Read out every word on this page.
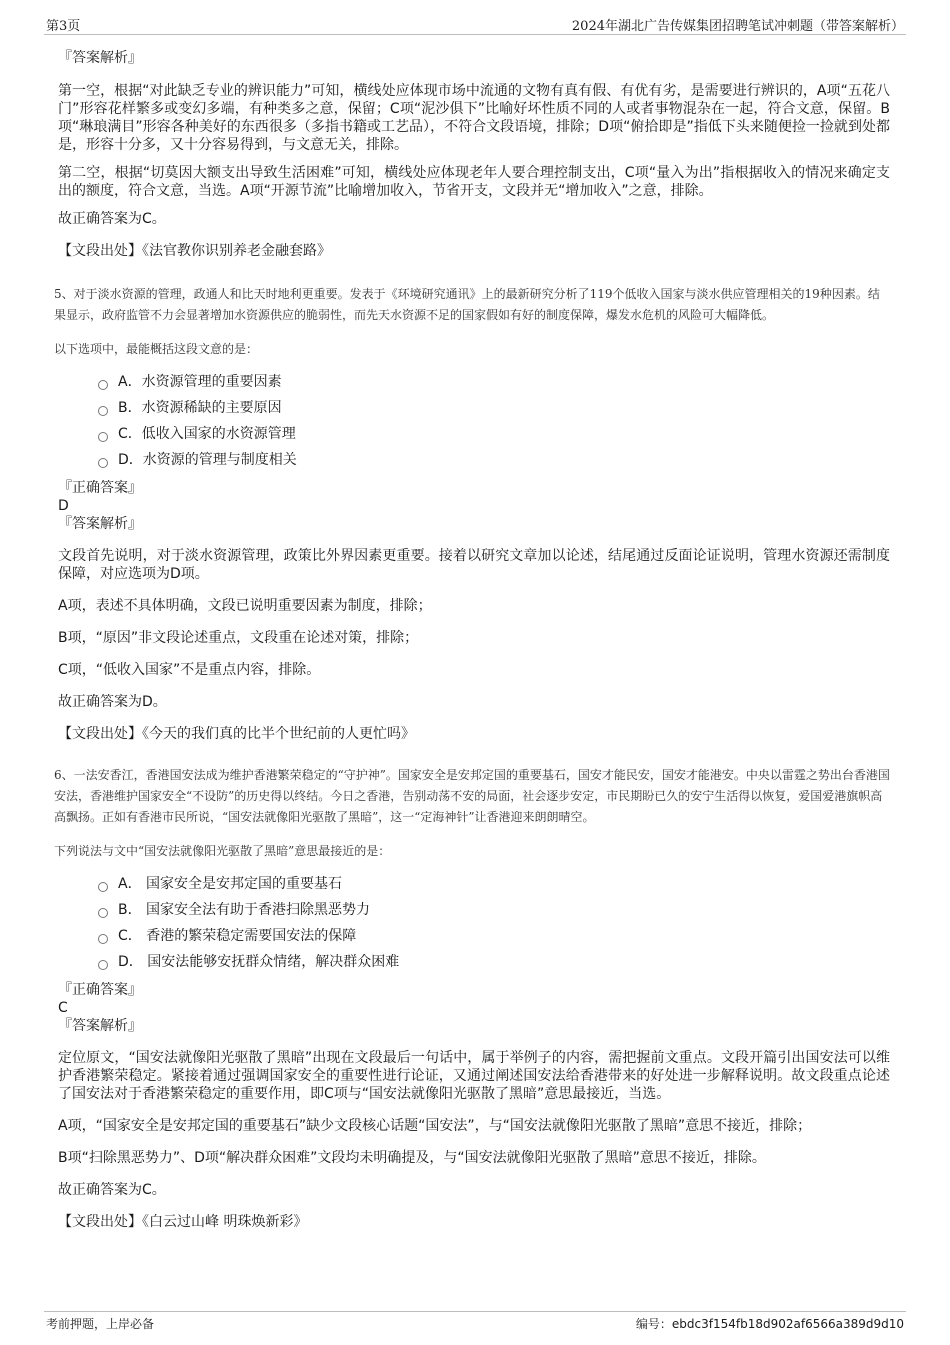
第3页	2024年湖北广告传媒集团招聘笔试冲刺题（带答案解析）
『答案解析』

第一空，根据“对此缺乏专业的辨识能力”可知，横线处应体现市场中流通的文物有真有假、有优有劣，是需要进行辨识的，A项“五花八门”形容花样繁多或变幻多端，有种类多之意，保留；C项“泥沙俱下”比喻好坏性质不同的人或者事物混杂在一起，符合文意，保留。B项“琳琅满目”形容各种美好的东西很多（多指书籍或工艺品），不符合文段语境，排除；D项“俯拾即是”指低下头来随便捡一捡就到处都是，形容十分多，又十分容易得到，与文意无关，排除。

第二空，根据“切莫因大额支出导致生活困难”可知，横线处应体现老年人要合理控制支出，C项“量入为出”指根据收入的情况来确定支出的额度，符合文意，当选。A项“开源节流”比喻增加收入，节省开支，文段并无“增加收入”之意，排除。

故正确答案为C。

【文段出处】《法官教你识别养老金融套路》

5、对于淡水资源的管理，政通人和比天时地利更重要。发表于《环境研究通讯》上的最新研究分析了119个低收入国家与淡水供应管理相关的19种因素。结果显示，政府监管不力会显著增加水资源供应的脆弱性，而先天水资源不足的国家假如有好的制度保障，爆发水危机的风险可大幅降低。

以下选项中，最能概括这段文意的是：
A．水资源管理的重要因素
B．水资源稀缺的主要原因
C．低收入国家的水资源管理
D．水资源的管理与制度相关
『正确答案』
D
『答案解析』

文段首先说明，对于淡水资源管理，政策比外界因素更重要。接着以研究文章加以论述，结尾通过反面论证说明，管理水资源还需制度保障，对应选项为D项。

A项，表述不具体明确，文段已说明重要因素为制度，排除；

B项，“原因”非文段论述重点，文段重在论述对策，排除；

C项，“低收入国家”不是重点内容，排除。

故正确答案为D。

【文段出处】《今天的我们真的比半个世纪前的人更忙吗》

6、一法安香江，香港国安法成为维护香港繁荣稳定的“守护神”。国家安全是安邦定国的重要基石，国安才能民安，国安才能港安。中央以雷霆之势出台香港国安法，香港维护国家安全“不设防”的历史得以终结。今日之香港，告别动荡不安的局面，社会逐步安定，市民期盼已久的安宁生活得以恢复，爱国爱港旗帜高高飘扬。正如有香港市民所说，“国安法就像阳光驱散了黑暗”，这一“定海神针”让香港迎来朗朗晴空。

下列说法与文中“国安法就像阳光驱散了黑暗”意思最接近的是：
A． 国家安全是安邦定国的重要基石
B． 国家安全法有助于香港扫除黑恶势力
C． 香港的繁荣稳定需要国安法的保障
D． 国安法能够安抚群众情绪，解决群众困难
『正确答案』
C
『答案解析』

定位原文，“国安法就像阳光驱散了黑暗”出现在文段最后一句话中，属于举例子的内容，需把握前文重点。文段开篇引出国安法可以维护香港繁荣稳定。紧接着通过强调国家安全的重要性进行论证，又通过阐述国安法给香港带来的好处进一步解释说明。故文段重点论述了国安法对于香港繁荣稳定的重要作用，即C项与“国安法就像阳光驱散了黑暗”意思最接近，当选。

A项，“国家安全是安邦定国的重要基石”缺少文段核心话题“国安法”，与“国安法就像阳光驱散了黑暗”意思不接近，排除；

B项“扫除黑恶势力”、D项“解决群众困难”文段均未明确提及，与“国安法就像阳光驱散了黑暗”意思不接近，排除。

故正确答案为C。

【文段出处】《白云过山峰 明珠焕新彩》

考前押题，上岸必备	编号：ebdc3f154fb18d902af6566a389d9d10
